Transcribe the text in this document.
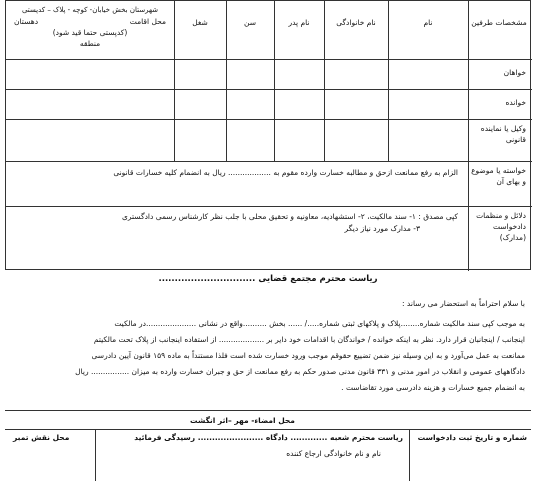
مشخصات طرفین
نام
نام خانوادگی
نام پدر
سن
شغل
شهرستان بخش خیابان- کوچه - پلاک – کدپستی
محل اقامت
دهستان
(کدپستی حتما قید شود)
منطقه
خواهان
خوانده
وکیل یا نماینده قانونی
خواسته یا موضوع و بهای آن
الزام به رفع ممانعت ازحق و مطالبه خسارت وارده مقوم به .................. ریال به انضمام کلیه خسارات قانونی
دلائل و منظمات دادخواست (مدارک)
کپی مصدق : ۱- سند مالکیت، ۲- استشهادیه، معاونیه و تحقیق محلی با جلب نظر کارشناس رسمی دادگستری
۳- مدارک مورد نیاز دیگر
ریاست محترم مجتمع قضایی ..............................
با سلام احتراماً به استحضار می رساند :
به موجب کپی سند مالکیت شماره........پلاک و پلاکهای ثبتی شماره...../ ...... بخش ..........واقع در نشانی .....................در مالکیت
اینجانب / اینجانبان قرار دارد. نظر به اینکه خوانده / خواندگان با اقدامات خود دایر بر ................... از استفاده اینجانب از پلاک تحت مالکیتم
ممانعت به عمل می‌آورد و به این وسیله نیز ضمن تضییع حقوقم موجب ورود خسارت شده است فلذا مستنداً به ماده ۱۵۹ قانون آیین دادرسی
دادگاههای عمومی و انقلاب در امور مدنی و ۳۳۱ قانون مدنی صدور حکم به رفع ممانعت از حق و جبران خسارت وارده به میزان ................ ریال
به انضمام جمیع خسارات و هزینه دادرسی مورد تقاضاست .
محل امضاء- مهر –اثر انگشت
شماره و تاریخ ثبت دادخواست
ریاست محترم شعبه ............. دادگاه ....................... رسیدگی فرمائید
محل نقش تمبر
نام و نام خانوادگی ارجاع کننده
